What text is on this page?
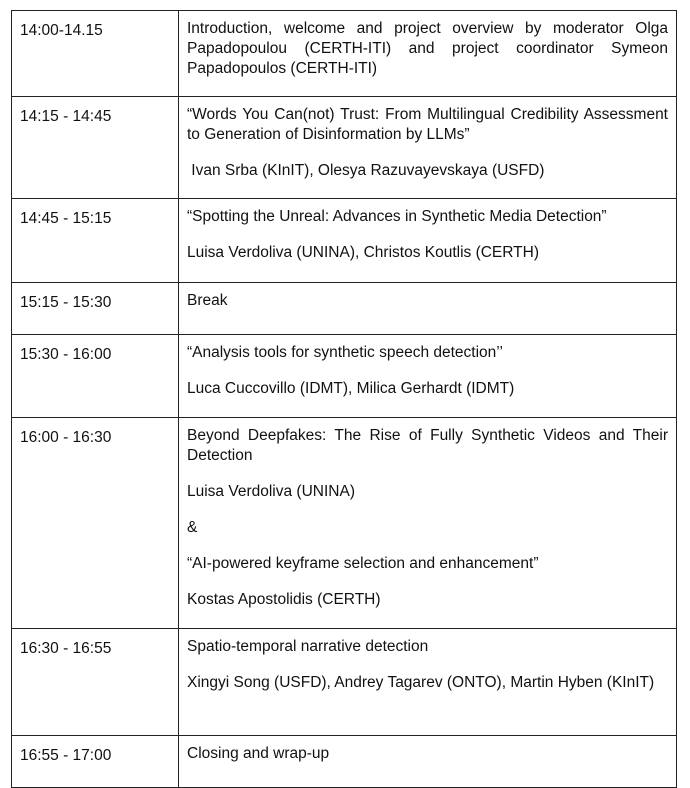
14:00-14.15	Introduction, welcome and project overview by moderator Olga Papadopoulou (CERTH-ITI) and project coordinator Symeon Papadopoulos (CERTH-ITI)

14:15 - 14:45	“Words You Can(not) Trust: From Multilingual Credibility Assessment to Generation of Disinformation by LLMs”

Ivan Srba (KInIT), Olesya Razuvayevskaya (USFD)

14:45 - 15:15	“Spotting the Unreal: Advances in Synthetic Media Detection”

Luisa Verdoliva (UNINA), Christos Koutlis (CERTH)

15:15 - 15:30	Break

15:30 - 16:00	“Analysis tools for synthetic speech detection’’

Luca Cuccovillo (IDMT), Milica Gerhardt (IDMT)

16:00 - 16:30	Beyond Deepfakes: The Rise of Fully Synthetic Videos and Their Detection

Luisa Verdoliva (UNINA)

&

“AI-powered keyframe selection and enhancement”

Kostas Apostolidis (CERTH)

16:30 - 16:55	Spatio-temporal narrative detection

Xingyi Song (USFD), Andrey Tagarev (ONTO), Martin Hyben (KInIT)

16:55 - 17:00	Closing and wrap-up
